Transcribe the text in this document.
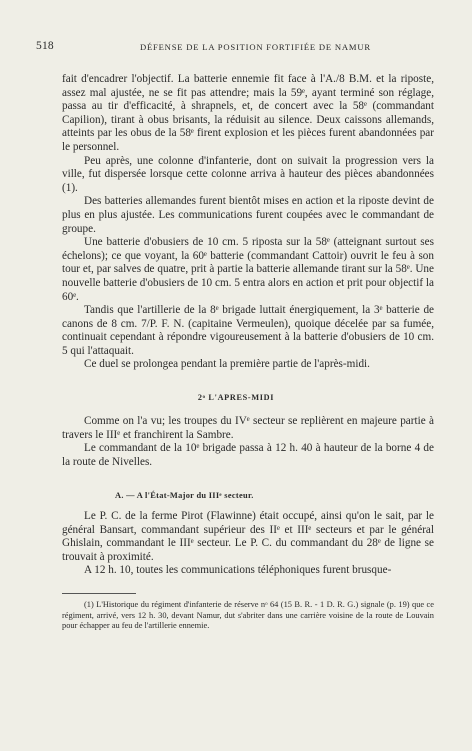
518	DÉFENSE DE LA POSITION FORTIFIÉE DE NAMUR

fait d'encadrer l'objectif. La batterie ennemie fit face à l'A./8 B.M. et la riposte, assez mal ajustée, ne se fit pas attendre; mais la 59ᵉ, ayant terminé son réglage, passa au tir d'efficacité, à shrapnels, et, de concert avec la 58ᵉ (commandant Capilion), tirant à obus brisants, la réduisit au silence. Deux caissons allemands, atteints par les obus de la 58ᵉ firent explosion et les pièces furent abandonnées par le personnel.

Peu après, une colonne d'infanterie, dont on suivait la progression vers la ville, fut dispersée lorsque cette colonne arriva à hauteur des pièces abandonnées (1).

Des batteries allemandes furent bientôt mises en action et la riposte devint de plus en plus ajustée. Les communications furent coupées avec le commandant de groupe.

Une batterie d'obusiers de 10 cm. 5 riposta sur la 58ᵉ (atteignant surtout ses échelons); ce que voyant, la 60ᵉ batterie (commandant Cattoir) ouvrit le feu à son tour et, par salves de quatre, prit à partie la batterie allemande tirant sur la 58ᵉ. Une nouvelle batterie d'obusiers de 10 cm. 5 entra alors en action et prit pour objectif la 60ᵉ.

Tandis que l'artillerie de la 8ᵉ brigade luttait énergiquement, la 3ᵉ batterie de canons de 8 cm. 7/P. F. N. (capitaine Vermeulen), quoique décelée par sa fumée, continuait cependant à répondre vigoureusement à la batterie d'obusiers de 10 cm. 5 qui l'attaquait.

Ce duel se prolongea pendant la première partie de l'après-midi.

2ᵒ L'APRES-MIDI

Comme on l'a vu; les troupes du IVᵉ secteur se replièrent en majeure partie à travers le IIIᵉ et franchirent la Sambre.

Le commandant de la 10ᵉ brigade passa à 12 h. 40 à hauteur de la borne 4 de la route de Nivelles.

A. — A l'État-Major du IIIᵉ secteur.

Le P. C. de la ferme Pirot (Flawinne) était occupé, ainsi qu'on le sait, par le général Bansart, commandant supérieur des IIᵉ et IIIᵉ secteurs et par le général Ghislain, commandant le IIIᵉ secteur. Le P. C. du commandant du 28ᵉ de ligne se trouvait à proximité.

A 12 h. 10, toutes les communications téléphoniques furent brusque-

(1) L'Historique du régiment d'infanterie de réserve nᵒ 64 (15 B. R. - 1 D. R. G.) signale (p. 19) que ce régiment, arrivé, vers 12 h. 30, devant Namur, dut s'abriter dans une carrière voisine de la route de Louvain pour échapper au feu de l'artillerie ennemie.
